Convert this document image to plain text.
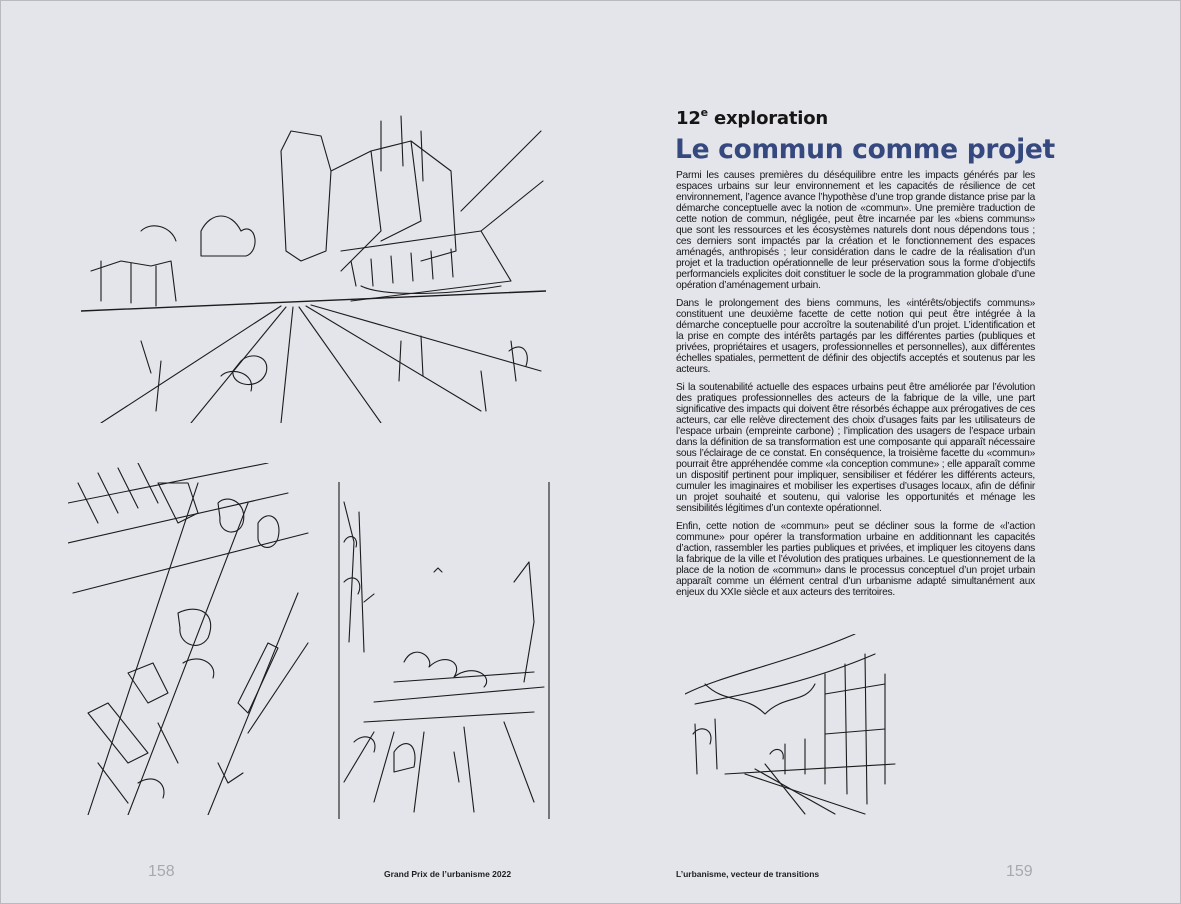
12e exploration
Le commun comme projet

Parmi les causes premières du déséquilibre entre les impacts générés par les espaces urbains sur leur environnement et les capacités de résilience de cet environnement, l’agence avance l’hypothèse d’une trop grande distance prise par la démarche conceptuelle avec la notion de «commun». Une première traduction de cette notion de commun, négligée, peut être incarnée par les «biens communs» que sont les ressources et les écosystèmes naturels dont nous dépendons tous ; ces derniers sont impactés par la création et le fonctionnement des espaces aménagés, anthropisés ; leur considération dans le cadre de la réalisation d’un projet et la traduction opérationnelle de leur préservation sous la forme d’objectifs performanciels explicites doit constituer le socle de la programmation globale d’une opération d’aménagement urbain.

Dans le prolongement des biens communs, les «intérêts/objectifs communs» constituent une deuxième facette de cette notion qui peut être intégrée à la démarche conceptuelle pour accroître la soutenabilité d’un projet. L’identification et la prise en compte des intérêts partagés par les différentes parties (publiques et privées, propriétaires et usagers, professionnelles et personnelles), aux différentes échelles spatiales, permettent de définir des objectifs acceptés et soutenus par les acteurs.

Si la soutenabilité actuelle des espaces urbains peut être améliorée par l’évolution des pratiques professionnelles des acteurs de la fabrique de la ville, une part significative des impacts qui doivent être résorbés échappe aux prérogatives de ces acteurs, car elle relève directement des choix d’usages faits par les utilisateurs de l’espace urbain (empreinte carbone) ; l’implication des usagers de l’espace urbain dans la définition de sa transformation est une composante qui apparaît nécessaire sous l’éclairage de ce constat. En conséquence, la troisième facette du «commun» pourrait être appréhendée comme «la conception commune» ; elle apparaît comme un dispositif pertinent pour impliquer, sensibiliser et fédérer les différents acteurs, cumuler les imaginaires et mobiliser les expertises d’usages locaux, afin de définir un projet souhaité et soutenu, qui valorise les opportunités et ménage les sensibilités légitimes d’un contexte opérationnel.

Enfin, cette notion de «commun» peut se décliner sous la forme de «l’action commune» pour opérer la transformation urbaine en additionnant les capacités d’action, rassembler les parties publiques et privées, et impliquer les citoyens dans la fabrique de la ville et l’évolution des pratiques urbaines. Le questionnement de la place de la notion de «commun» dans le processus conceptuel d’un projet urbain apparaît comme un élément central d’un urbanisme adapté simultanément aux enjeux du XXIe siècle et aux acteurs des territoires.

158	Grand Prix de l’urbanisme 2022	L’urbanisme, vecteur de transitions	159
